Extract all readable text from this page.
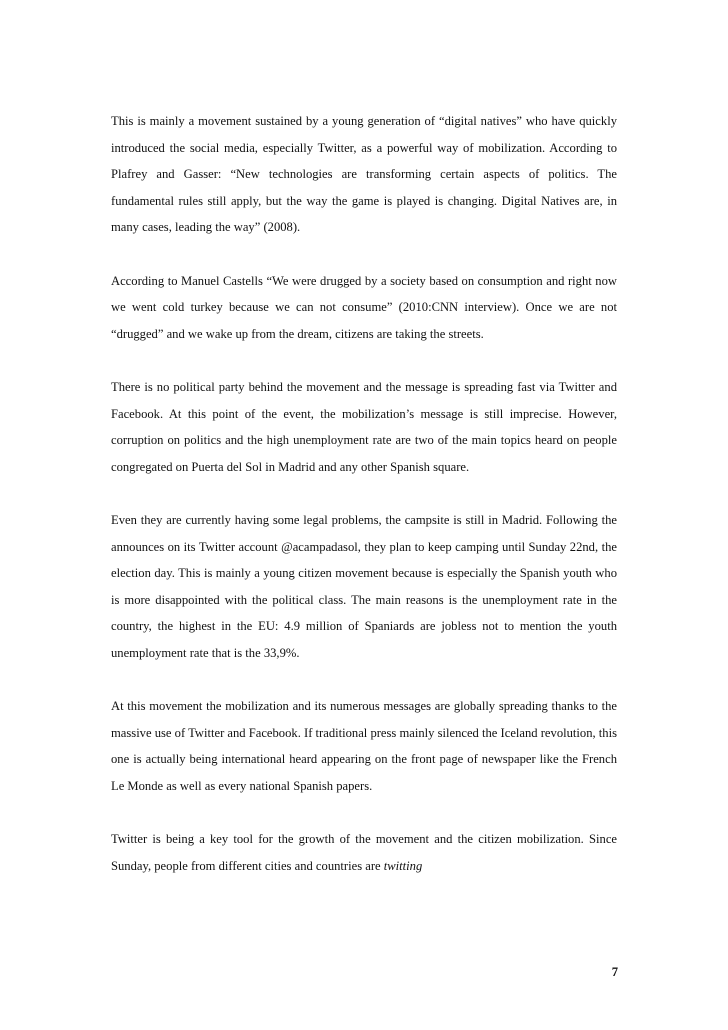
This is mainly a movement sustained by a young generation of “digital natives” who have quickly introduced the social media, especially Twitter, as a powerful way of mobilization. According to Plafrey and Gasser: “New technologies are transforming certain aspects of politics. The fundamental rules still apply, but the way the game is played is changing. Digital Natives are, in many cases, leading the way” (2008).

According to Manuel Castells “We were drugged by a society based on consumption and right now we went cold turkey because we can not consume” (2010:CNN interview). Once we are not “drugged” and we wake up from the dream, citizens are taking the streets.

There is no political party behind the movement and the message is spreading fast via Twitter and Facebook. At this point of the event, the mobilization’s message is still imprecise. However, corruption on politics and the high unemployment rate are two of the main topics heard on people congregated on Puerta del Sol in Madrid and any other Spanish square.

Even they are currently having some legal problems, the campsite is still in Madrid. Following the announces on its Twitter account @acampadasol, they plan to keep camping until Sunday 22nd, the election day. This is mainly a young citizen movement because is especially the Spanish youth who is more disappointed with the political class. The main reasons is the unemployment rate in the country, the highest in the EU: 4.9 million of Spaniards are jobless not to mention the youth unemployment rate that is the 33,9%.

At this movement the mobilization and its numerous messages are globally spreading thanks to the massive use of Twitter and Facebook. If traditional press mainly silenced the Iceland revolution, this one is actually being international heard appearing on the front page of newspaper like the French Le Monde as well as every national Spanish papers.

Twitter is being a key tool for the growth of the movement and the citizen mobilization. Since Sunday, people from different cities and countries are twitting

7
